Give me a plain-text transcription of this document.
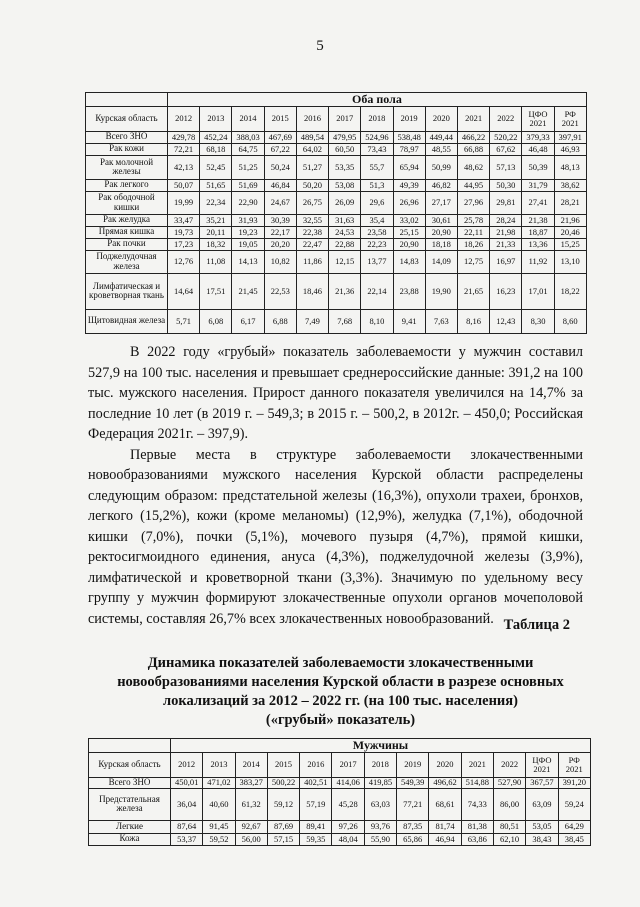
5
	Оба пола												
Курская область	2012	2013	2014	2015	2016	2017	2018	2019	2020	2021	2022	ЦФО 2021	РФ 2021
Всего ЗНО	429,78	452,24	388,03	467,69	489,54	479,95	524,96	538,48	449,44	466,22	520,22	379,33	397,91
Рак кожи	72,21	68,18	64,75	67,22	64,02	60,50	73,43	78,97	48,55	66,88	67,62	46,48	46,93
Рак молочной железы	42,13	52,45	51,25	50,24	51,27	53,35	55,7	65,94	50,99	48,62	57,13	50,39	48,13
Рак легкого	50,07	51,65	51,69	46,84	50,20	53,08	51,3	49,39	46,82	44,95	50,30	31,79	38,62
Рак ободочной кишки	19,99	22,34	22,90	24,67	26,75	26,09	29,6	26,96	27,17	27,96	29,81	27,41	28,21
Рак желудка	33,47	35,21	31,93	30,39	32,55	31,63	35,4	33,02	30,61	25,78	28,24	21,38	21,96
Прямая кишка	19,73	20,11	19,23	22,17	22,38	24,53	23,58	25,15	20,90	22,11	21,98	18,87	20,46
Рак почки	17,23	18,32	19,05	20,20	22,47	22,88	22,23	20,90	18,18	18,26	21,33	13,36	15,25
Поджелудочная железа	12,76	11,08	14,13	10,82	11,86	12,15	13,77	14,83	14,09	12,75	16,97	11,92	13,10
Лимфатическая и кроветворная ткань	14,64	17,51	21,45	22,53	18,46	21,36	22,14	23,88	19,90	21,65	16,23	17,01	18,22
Щитовидная железа	5,71	6,08	6,17	6,88	7,49	7,68	8,10	9,41	7,63	8,16	12,43	8,30	8,60

В 2022 году «грубый» показатель заболеваемости у мужчин составил 527,9 на 100 тыс. населения и превышает среднероссийские данные: 391,2 на 100 тыс. мужского населения. Прирост данного показателя увеличился на 14,7% за последние 10 лет (в 2019 г. – 549,3; в 2015 г. – 500,2, в 2012г. – 450,0; Российская Федерация 2021г. – 397,9).

Первые места в структуре заболеваемости злокачественными новообразованиями мужского населения Курской области распределены следующим образом: предстательной железы (16,3%), опухоли трахеи, бронхов, легкого (15,2%), кожи (кроме меланомы) (12,9%), желудка (7,1%), ободочной кишки (7,0%), почки (5,1%), мочевого пузыря (4,7%), прямой кишки, ректосигмоидного единения, ануса (4,3%), поджелудочной железы (3,9%), лимфатической и кроветворной ткани (3,3%). Значимую по удельному весу группу у мужчин формируют злокачественные опухоли органов мочеполовой системы, составляя 26,7% всех злокачественных новообразований. Таблица 2
Динамика показателей заболеваемости злокачественными
новообразованиями населения Курской области в разрезе основных
локализаций за 2012 – 2022 гг. (на 100 тыс. населения)
(«грубый» показатель)
	Мужчины												
Курская область	2012	2013	2014	2015	2016	2017	2018	2019	2020	2021	2022	ЦФО 2021	РФ 2021
Всего ЗНО	450,01	471,02	383,27	500,22	402,51	414,06	419,85	549,39	496,62	514,88	527,90	367,57	391,20
Предстательная железа	36,04	40,60	61,32	59,12	57,19	45,28	63,03	77,21	68,61	74,33	86,00	63,09	59,24
Легкие	87,64	91,45	92,67	87,69	89,41	97,26	93,76	87,35	81,74	81,38	80,51	53,05	64,29
Кожа	53,37	59,52	56,00	57,15	59,35	48,04	55,90	65,86	46,94	63,86	62,10	38,43	38,45
